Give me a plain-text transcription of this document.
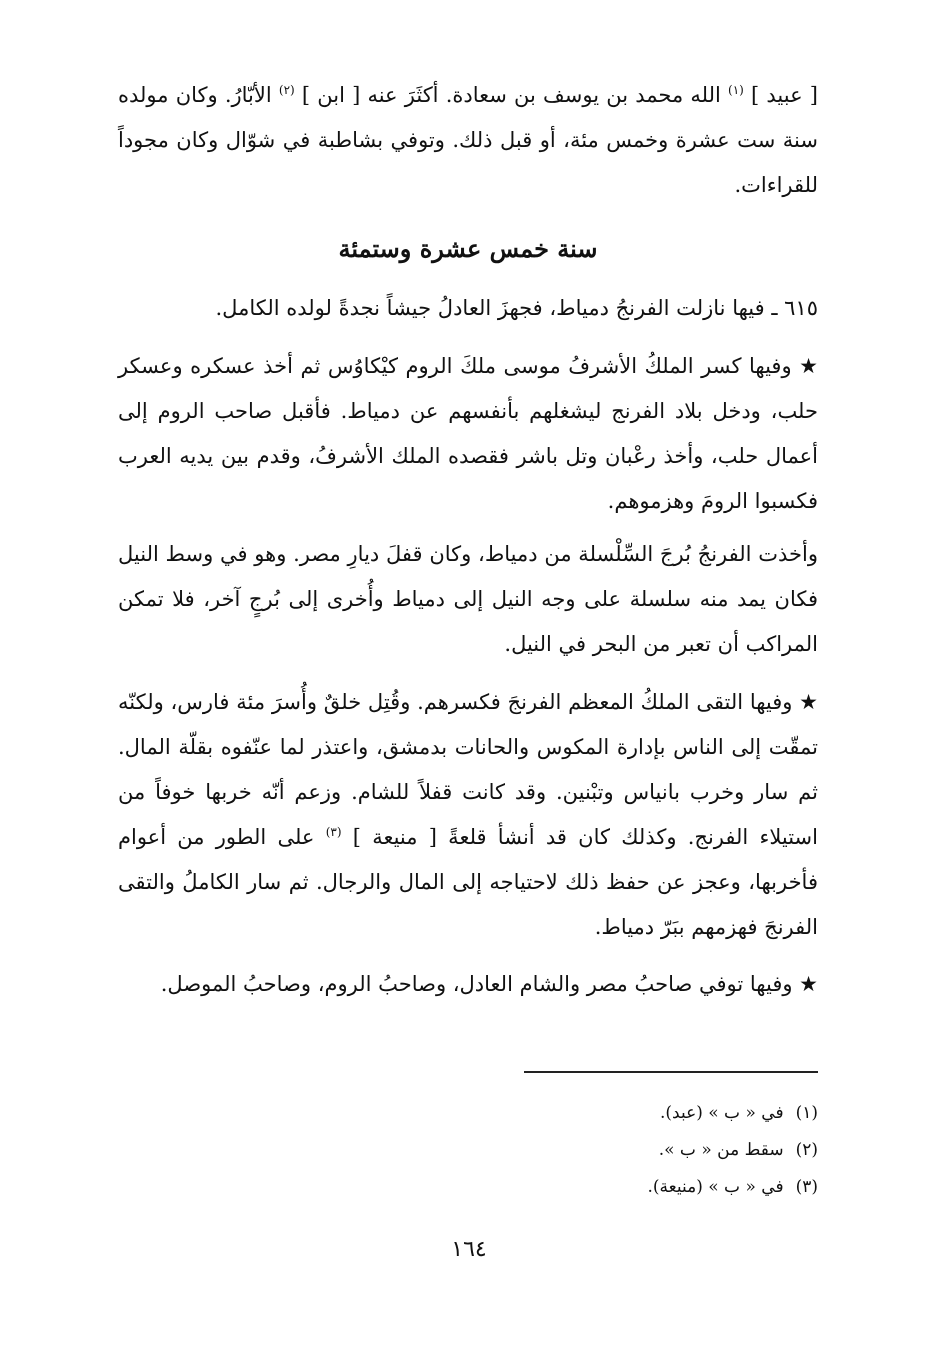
[ عبيد ] $^{(١)}$ الله محمد بن يوسف بن سعادة. أكثَرَ عنه [ ابن ] $^{(٢)}$ الأبّارُ. وكان مولده سنة ست عشرة وخمس مئة، أو قبل ذلك. وتوفي بشاطبة في شوّال وكان مجوداً للقراءات.

سنة خمس عشرة وستمئة

٦١٥ ـ فيها نازلت الفرنجُ دمياط، فجهزَ العادلُ جيشاً نجدةً لولده الكامل.

★ وفيها كسر الملكُ الأشرفُ موسى ملكَ الروم كيْكاوُس ثم أخذ عسكره وعسكر حلب، ودخل بلاد الفرنج ليشغلهم بأنفسهم عن دمياط. فأقبل صاحب الروم إلى أعمال حلب، وأخذ رعْبان وتل باشر فقصده الملك الأشرفُ، وقدم بين يديه العرب فكسبوا الرومَ وهزموهم.

وأخذت الفرنجُ بُرجَ السِّلْسلة من دمياط، وكان قفلَ ديارِ مصر. وهو في وسط النيل فكان يمد منه سلسلة على وجه النيل إلى دمياط وأُخرى إلى بُرجٍ آخر، فلا تمكن المراكب أن تعبر من البحر في النيل.

★ وفيها التقى الملكُ المعظم الفرنجَ فكسرهم. وقُتِل خلقٌ وأُسرَ مئة فارس، ولكنّه تمقّت إلى الناس بإدارة المكوس والحانات بدمشق، واعتذر لما عنّفوه بقلّة المال. ثم سار وخرب بانياس وتبْنين. وقد كانت قفلاً للشام. وزعم أنّه خربها خوفاً من استيلاء الفرنج. وكذلك كان قد أنشأ قلعةً [ منيعة ] $^{(٣)}$ على الطور من أعوام فأخربها، وعجز عن حفظ ذلك لاحتياجه إلى المال والرجال. ثم سار الكاملُ والتقى الفرنجَ فهزمهم ببَرّ دمياط.

★ وفيها توفي صاحبُ مصر والشام العادل، وصاحبُ الروم، وصاحبُ الموصل.

(١)في « ب » (عبد).
(٢)سقط من « ب ».
(٣)في « ب » (منيعة).
١٦٤
